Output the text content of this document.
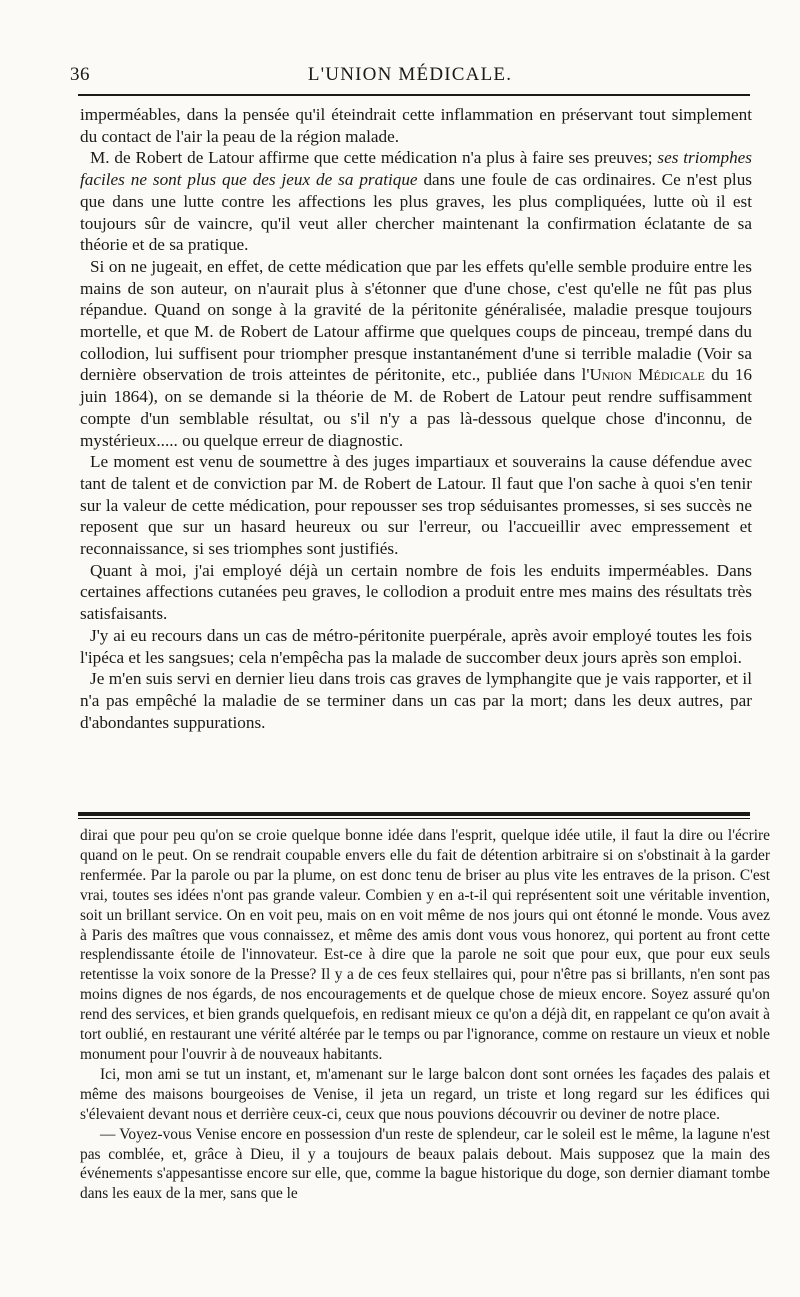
36	L'UNION MÉDICALE.

imperméables, dans la pensée qu'il éteindrait cette inflammation en préservant tout simplement du contact de l'air la peau de la région malade.

M. de Robert de Latour affirme que cette médication n'a plus à faire ses preuves; ses triomphes faciles ne sont plus que des jeux de sa pratique dans une foule de cas ordinaires. Ce n'est plus que dans une lutte contre les affections les plus graves, les plus compliquées, lutte où il est toujours sûr de vaincre, qu'il veut aller chercher maintenant la confirmation éclatante de sa théorie et de sa pratique.

Si on ne jugeait, en effet, de cette médication que par les effets qu'elle semble produire entre les mains de son auteur, on n'aurait plus à s'étonner que d'une chose, c'est qu'elle ne fût pas plus répandue. Quand on songe à la gravité de la péritonite généralisée, maladie presque toujours mortelle, et que M. de Robert de Latour affirme que quelques coups de pinceau, trempé dans du collodion, lui suffisent pour triompher presque instantanément d'une si terrible maladie (Voir sa dernière observation de trois atteintes de péritonite, etc., publiée dans l'Union Médicale du 16 juin 1864), on se demande si la théorie de M. de Robert de Latour peut rendre suffisamment compte d'un semblable résultat, ou s'il n'y a pas là-dessous quelque chose d'inconnu, de mystérieux..... ou quelque erreur de diagnostic.

Le moment est venu de soumettre à des juges impartiaux et souverains la cause défendue avec tant de talent et de conviction par M. de Robert de Latour. Il faut que l'on sache à quoi s'en tenir sur la valeur de cette médication, pour repousser ses trop séduisantes promesses, si ses succès ne reposent que sur un hasard heureux ou sur l'erreur, ou l'accueillir avec empressement et reconnaissance, si ses triomphes sont justifiés.

Quant à moi, j'ai employé déjà un certain nombre de fois les enduits imperméables. Dans certaines affections cutanées peu graves, le collodion a produit entre mes mains des résultats très satisfaisants.

J'y ai eu recours dans un cas de métro-péritonite puerpérale, après avoir employé toutes les fois l'ipéca et les sangsues; cela n'empêcha pas la malade de succomber deux jours après son emploi.

Je m'en suis servi en dernier lieu dans trois cas graves de lymphangite que je vais rapporter, et il n'a pas empêché la maladie de se terminer dans un cas par la mort; dans les deux autres, par d'abondantes suppurations.

dirai que pour peu qu'on se croie quelque bonne idée dans l'esprit, quelque idée utile, il faut la dire ou l'écrire quand on le peut. On se rendrait coupable envers elle du fait de détention arbitraire si on s'obstinait à la garder renfermée. Par la parole ou par la plume, on est donc tenu de briser au plus vite les entraves de la prison. C'est vrai, toutes ses idées n'ont pas grande valeur. Combien y en a-t-il qui représentent soit une véritable invention, soit un brillant service. On en voit peu, mais on en voit même de nos jours qui ont étonné le monde. Vous avez à Paris des maîtres que vous connaissez, et même des amis dont vous vous honorez, qui portent au front cette resplendissante étoile de l'innovateur. Est-ce à dire que la parole ne soit que pour eux, que pour eux seuls retentisse la voix sonore de la Presse? Il y a de ces feux stellaires qui, pour n'être pas si brillants, n'en sont pas moins dignes de nos égards, de nos encouragements et de quelque chose de mieux encore. Soyez assuré qu'on rend des services, et bien grands quelquefois, en redisant mieux ce qu'on a déjà dit, en rappelant ce qu'on avait à tort oublié, en restaurant une vérité altérée par le temps ou par l'ignorance, comme on restaure un vieux et noble monument pour l'ouvrir à de nouveaux habitants.

Ici, mon ami se tut un instant, et, m'amenant sur le large balcon dont sont ornées les façades des palais et même des maisons bourgeoises de Venise, il jeta un regard, un triste et long regard sur les édifices qui s'élevaient devant nous et derrière ceux-ci, ceux que nous pouvions découvrir ou deviner de notre place.

— Voyez-vous Venise encore en possession d'un reste de splendeur, car le soleil est le même, la lagune n'est pas comblée, et, grâce à Dieu, il y a toujours de beaux palais debout. Mais supposez que la main des événements s'appesantisse encore sur elle, que, comme la bague historique du doge, son dernier diamant tombe dans les eaux de la mer, sans que le
